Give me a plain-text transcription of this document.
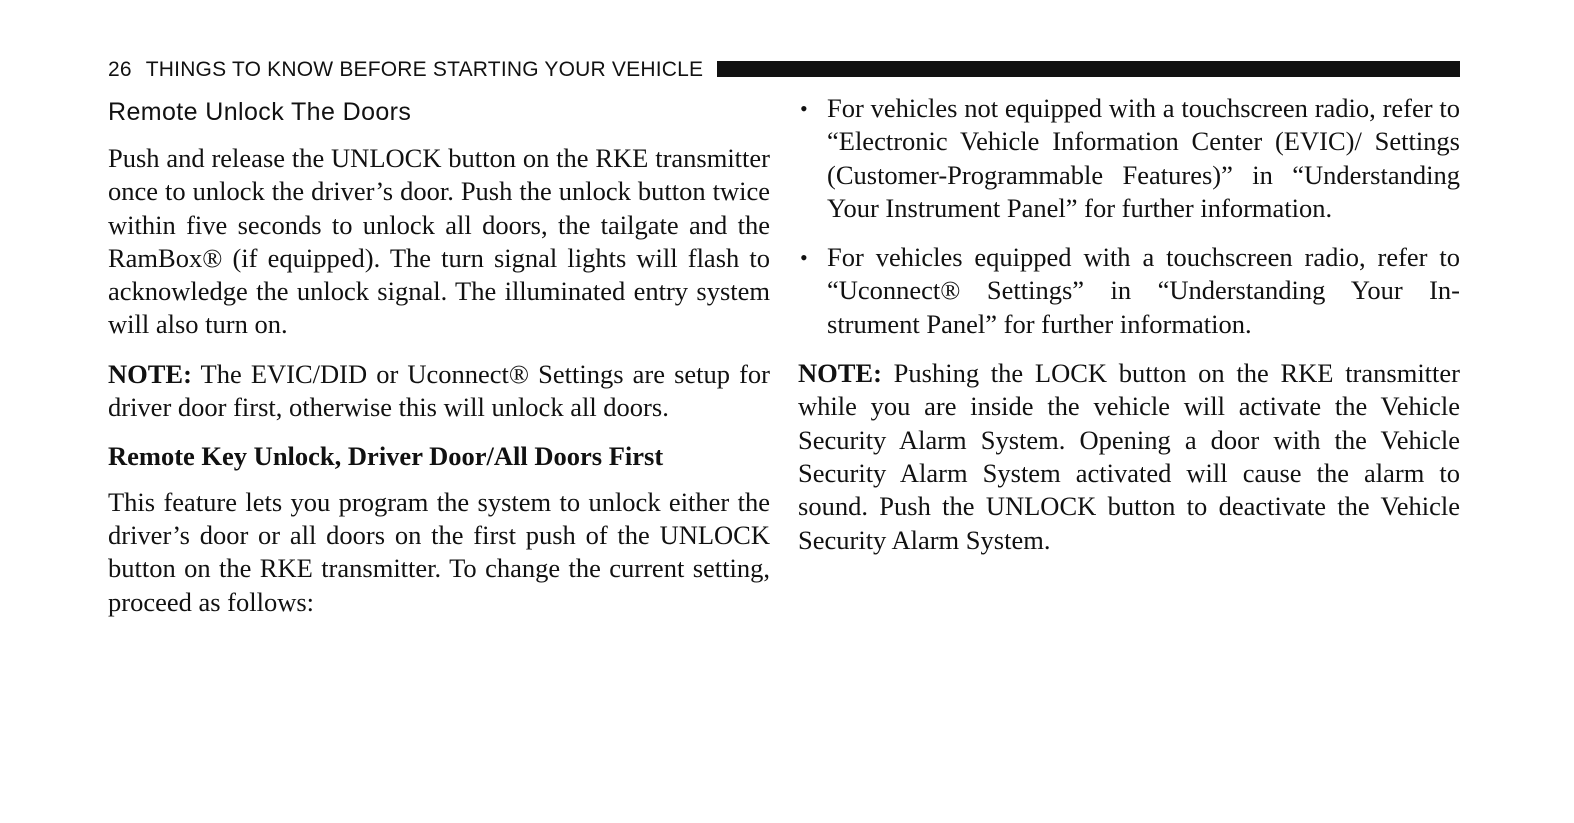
26 THINGS TO KNOW BEFORE STARTING YOUR VEHICLE
Remote Unlock The Doors

Push and release the UNLOCK button on the RKE transmitter once to unlock the driver’s door. Push the unlock button twice within five seconds to unlock all doors, the tailgate and the RamBox® (if equipped). The turn signal lights will flash to acknowledge the unlock signal. The illuminated entry system will also turn on.

NOTE: The EVIC/DID or Uconnect® Settings are setup for driver door first, otherwise this will unlock all doors.

Remote Key Unlock, Driver Door/All Doors First

This feature lets you program the system to unlock either the driver’s door or all doors on the first push of the UNLOCK button on the RKE transmitter. To change the current setting, proceed as follows:

• For vehicles not equipped with a touchscreen radio, refer to “Electronic Vehicle Information Center (EVIC)/ Settings (Customer-Programmable Features)” in “Understanding Your Instrument Panel” for further information.
• For vehicles equipped with a touchscreen radio, refer to “Uconnect® Settings” in “Understanding Your In- strument Panel” for further information.

NOTE: Pushing the LOCK button on the RKE transmitter while you are inside the vehicle will activate the Vehicle Security Alarm System. Opening a door with the Vehicle Security Alarm System activated will cause the alarm to sound. Push the UNLOCK button to deactivate the Vehicle Security Alarm System.
